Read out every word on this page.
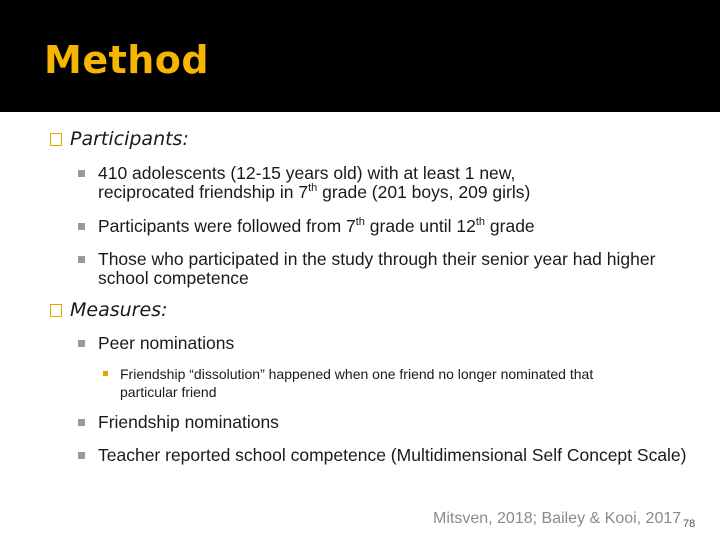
Method
Participants:
410 adolescents (12-15 years old) with at least 1 new,
reciprocated friendship in 7th grade (201 boys, 209 girls)
Participants were followed from 7th grade until 12th grade
Those who participated in the study through their senior year had higher school competence
Measures:
Peer nominations
Friendship “dissolution” happened when one friend no longer nominated that particular friend
Friendship nominations
Teacher reported school competence (Multidimensional Self Concept Scale)
Mitsven, 2018; Bailey & Kooi, 2017 78
